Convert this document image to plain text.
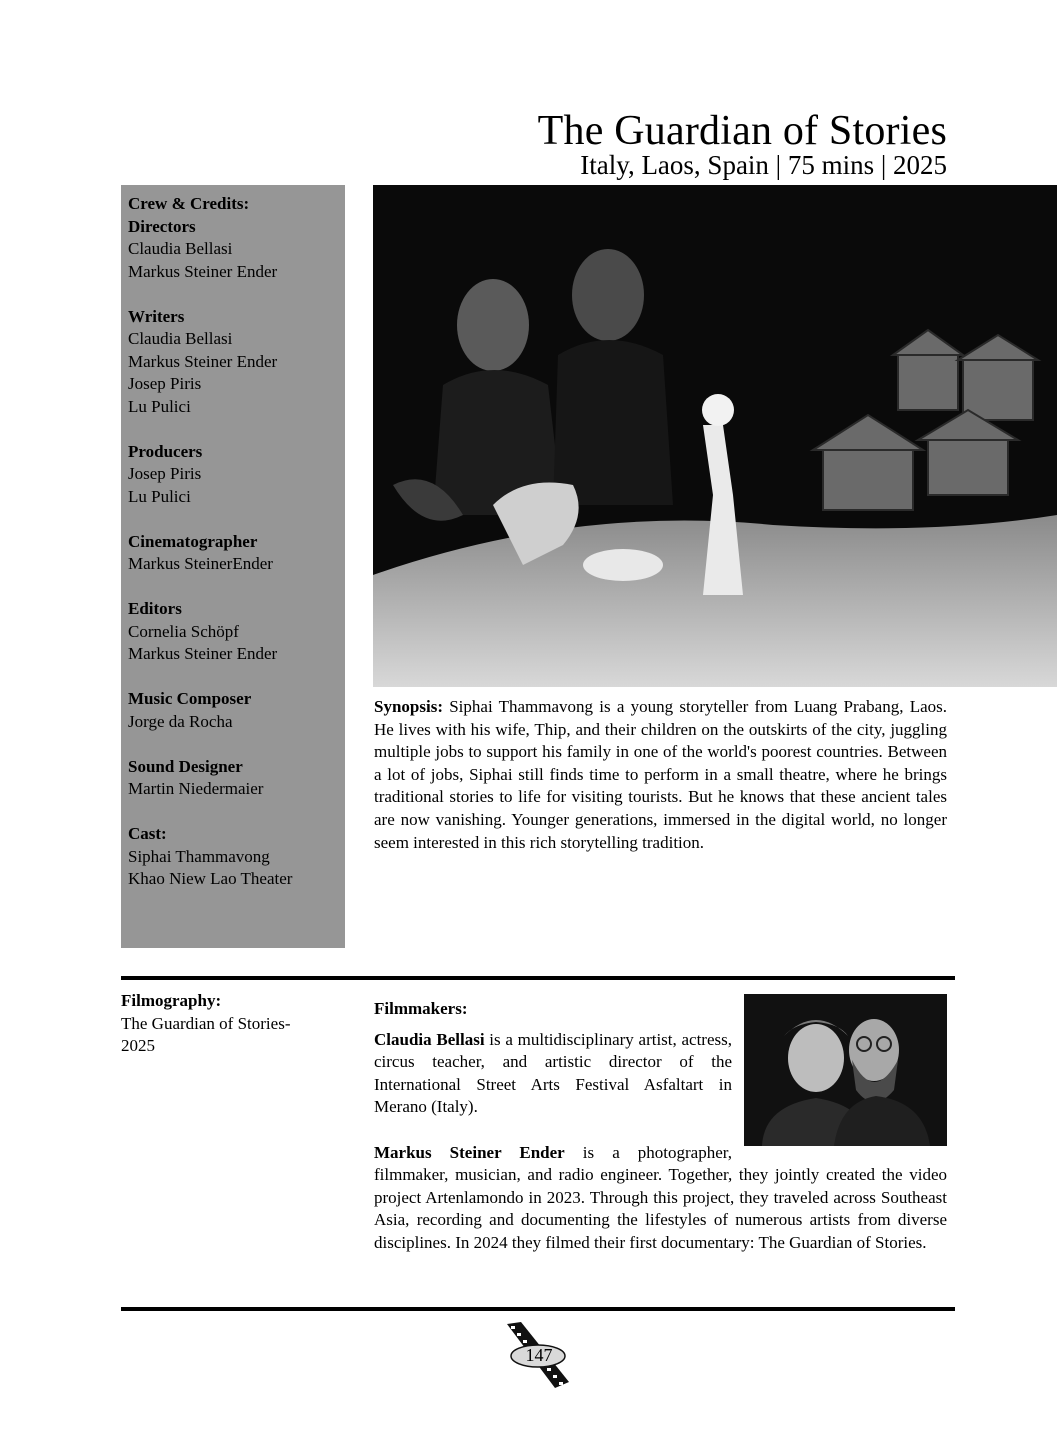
The Guardian of Stories
Italy, Laos, Spain | 75 mins | 2025
Crew & Credits:
Directors
Claudia Bellasi
Markus Steiner Ender
Writers
Claudia Bellasi
Markus Steiner Ender
Josep Piris
Lu Pulici
Producers
Josep Piris
Lu Pulici
Cinematographer
Markus SteinerEnder
Editors
Cornelia Schöpf
Markus Steiner Ender
Music Composer
Jorge da Rocha
Sound Designer
Martin Niedermaier
Cast:
Siphai Thammavong
Khao Niew Lao Theater
Synopsis: Siphai Thammavong is a young storyteller from Luang Prabang, Laos. He lives with his wife, Thip, and their children on the outskirts of the city, juggling multiple jobs to support his family in one of the world's poorest countries. Between a lot of jobs, Siphai still finds time to perform in a small theatre, where he brings traditional stories to life for visiting tourists. But he knows that these ancient tales are now vanishing. Younger generations, immersed in the digital world, no longer seem interested in this rich storytelling tradition.
Filmography:
The Guardian of Stories- 2025
Filmmakers:

Claudia Bellasi is a multidisciplinary artist, actress, circus teacher, and artistic director of the International Street Arts Festival Asfaltart in Merano (Italy).

Markus Steiner Ender is a photographer, filmmaker, musician, and radio engineer. Together, they jointly created the video project Artenlamondo in 2023. Through this project, they traveled across Southeast Asia, recording and documenting the lifestyles of numerous artists from diverse disciplines. In 2024 they filmed their first documentary: The Guardian of Stories.

147
